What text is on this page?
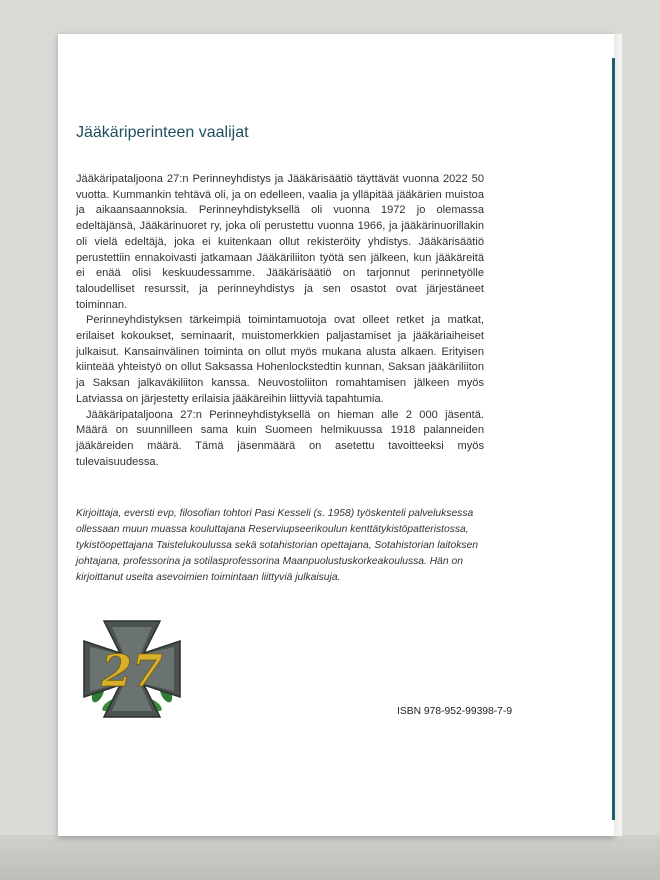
Jääkäriperinteen vaalijat

Jääkäripataljoona 27:n Perinneyhdistys ja Jääkärisäätiö täyttävät vuonna 2022 50 vuotta. Kummankin tehtävä oli, ja on edelleen, vaalia ja ylläpitää jääkärien muistoa ja aikaansaannoksia. Perinneyhdistyksellä oli vuonna 1972 jo olemassa edeltäjänsä, Jääkärinuoret ry, joka oli perustettu vuonna 1966, ja jääkärinuorillakin oli vielä edeltäjä, joka ei kuitenkaan ollut rekisteröity yhdistys. Jääkärisäätiö perustettiin ennakoivasti jatkamaan Jääkäriliiton työtä sen jälkeen, kun jääkäreitä ei enää olisi keskuudessamme. Jääkärisäätiö on tarjonnut perinnetyölle taloudelliset resurssit, ja perinneyhdistys ja sen osastot ovat järjestäneet toiminnan.

Perinneyhdistyksen tärkeimpiä toimintamuotoja ovat olleet retket ja matkat, erilaiset kokoukset, seminaarit, muistomerkkien paljastamiset ja jääkäriaiheiset julkaisut. Kansainvälinen toiminta on ollut myös mukana alusta alkaen. Erityisen kiinteää yhteistyö on ollut Saksassa Hohenlockstedtin kunnan, Saksan jääkäriliiton ja Saksan jalkaväkiliiton kanssa. Neuvostoliiton romahtamisen jälkeen myös Latviassa on järjestetty erilaisia jääkäreihin liittyviä tapahtumia.

Jääkäripataljoona 27:n Perinneyhdistyksellä on hieman alle 2 000 jäsentä. Määrä on suunnilleen sama kuin Suomeen helmikuussa 1918 palanneiden jääkäreiden määrä. Tämä jäsenmäärä on asetettu tavoitteeksi myös tulevaisuudessa.

Kirjoittaja, eversti evp, filosofian tohtori Pasi Kesseli (s. 1958) työskenteli palveluksessa ollessaan muun muassa kouluttajana Reserviupseerikoulun kenttätykistöpatteristossa, tykistöopettajana Taistelukoulussa sekä sotahistorian opettajana, Sotahistorian laitoksen johtajana, professorina ja sotilasprofessorina Maanpuolustuskorkeakoulussa. Hän on kirjoittanut useita asevoimien toimintaan liittyviä julkaisuja.

27
ISBN 978-952-99398-7-9
